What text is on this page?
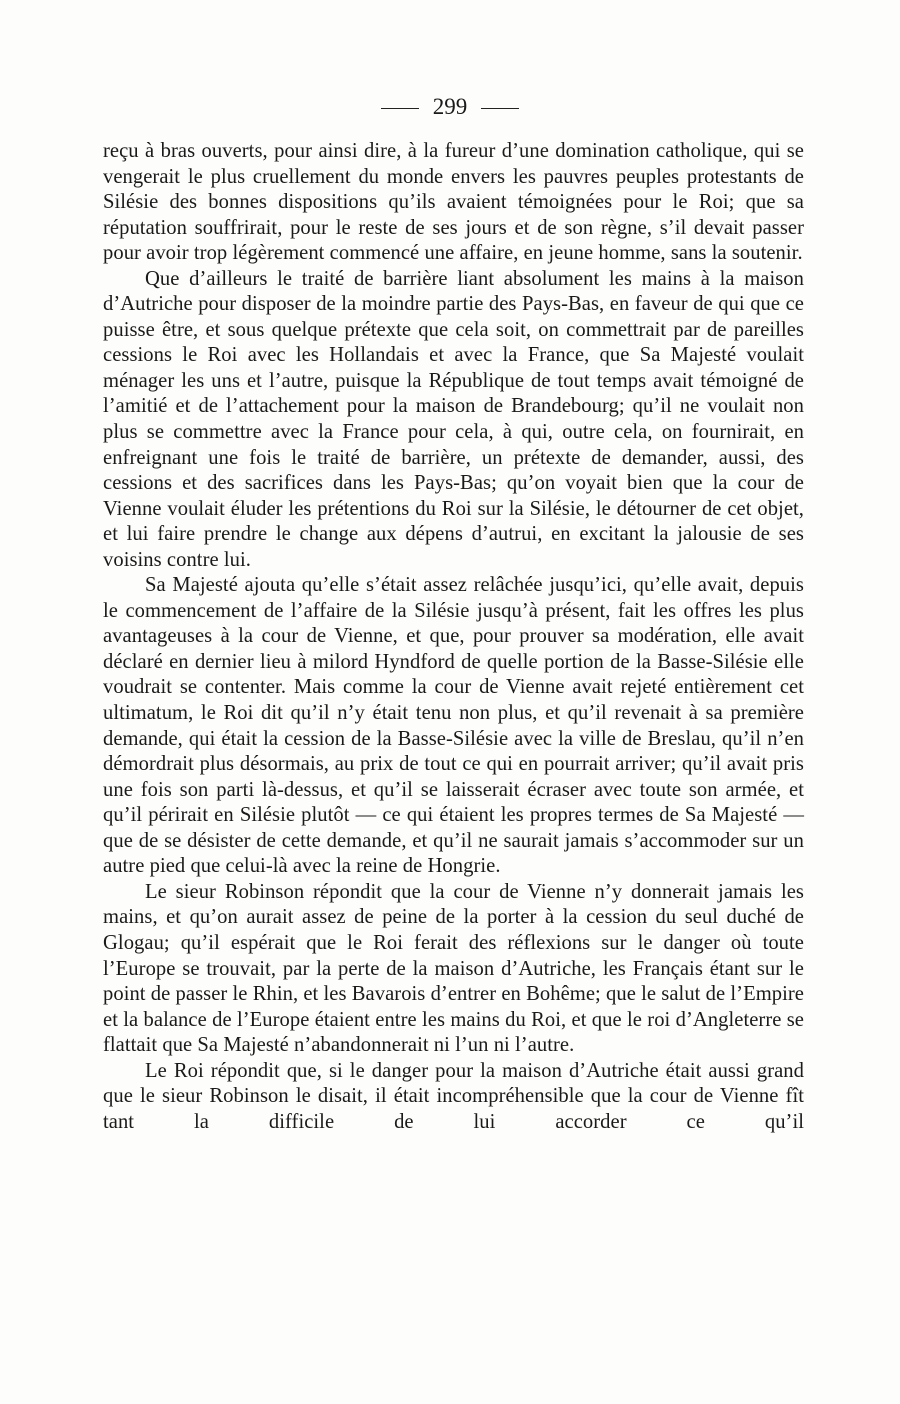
299

reçu à bras ouverts, pour ainsi dire, à la fureur d’une domination catholique, qui se vengerait le plus cruellement du monde envers les pauvres peuples protestants de Silésie des bonnes dispositions qu’ils avaient témoignées pour le Roi; que sa réputation souffrirait, pour le reste de ses jours et de son règne, s’il devait passer pour avoir trop légèrement commencé une affaire, en jeune homme, sans la soutenir.

Que d’ailleurs le traité de barrière liant absolument les mains à la maison d’Autriche pour disposer de la moindre partie des Pays-Bas, en faveur de qui que ce puisse être, et sous quelque prétexte que cela soit, on commettrait par de pareilles cessions le Roi avec les Hollandais et avec la France, que Sa Majesté voulait ménager les uns et l’autre, puisque la République de tout temps avait témoigné de l’amitié et de l’attachement pour la maison de Brandebourg; qu’il ne voulait non plus se commettre avec la France pour cela, à qui, outre cela, on fournirait, en enfreignant une fois le traité de barrière, un prétexte de demander, aussi, des cessions et des sacrifices dans les Pays-Bas; qu’on voyait bien que la cour de Vienne voulait éluder les prétentions du Roi sur la Silésie, le détourner de cet objet, et lui faire prendre le change aux dépens d’autrui, en excitant la jalousie de ses voisins contre lui.

Sa Majesté ajouta qu’elle s’était assez relâchée jusqu’ici, qu’elle avait, depuis le commencement de l’affaire de la Silésie jusqu’à présent, fait les offres les plus avantageuses à la cour de Vienne, et que, pour prouver sa modération, elle avait déclaré en dernier lieu à milord Hyndford de quelle portion de la Basse-Silésie elle voudrait se contenter. Mais comme la cour de Vienne avait rejeté entièrement cet ultimatum, le Roi dit qu’il n’y était tenu non plus, et qu’il revenait à sa première demande, qui était la cession de la Basse-Silésie avec la ville de Breslau, qu’il n’en démordrait plus désormais, au prix de tout ce qui en pourrait arriver; qu’il avait pris une fois son parti là-dessus, et qu’il se laisserait écraser avec toute son armée, et qu’il périrait en Silésie plutôt — ce qui étaient les propres termes de Sa Majesté — que de se désister de cette demande, et qu’il ne saurait jamais s’accommoder sur un autre pied que celui-là avec la reine de Hongrie.

Le sieur Robinson répondit que la cour de Vienne n’y donnerait jamais les mains, et qu’on aurait assez de peine de la porter à la cession du seul duché de Glogau; qu’il espérait que le Roi ferait des réflexions sur le danger où toute l’Europe se trouvait, par la perte de la maison d’Autriche, les Français étant sur le point de passer le Rhin, et les Bavarois d’entrer en Bohême; que le salut de l’Empire et la balance de l’Europe étaient entre les mains du Roi, et que le roi d’Angleterre se flattait que Sa Majesté n’abandonnerait ni l’un ni l’autre.

Le Roi répondit que, si le danger pour la maison d’Autriche était aussi grand que le sieur Robinson le disait, il était incompréhensible que la cour de Vienne fît tant la difficile de lui accorder ce qu’il
